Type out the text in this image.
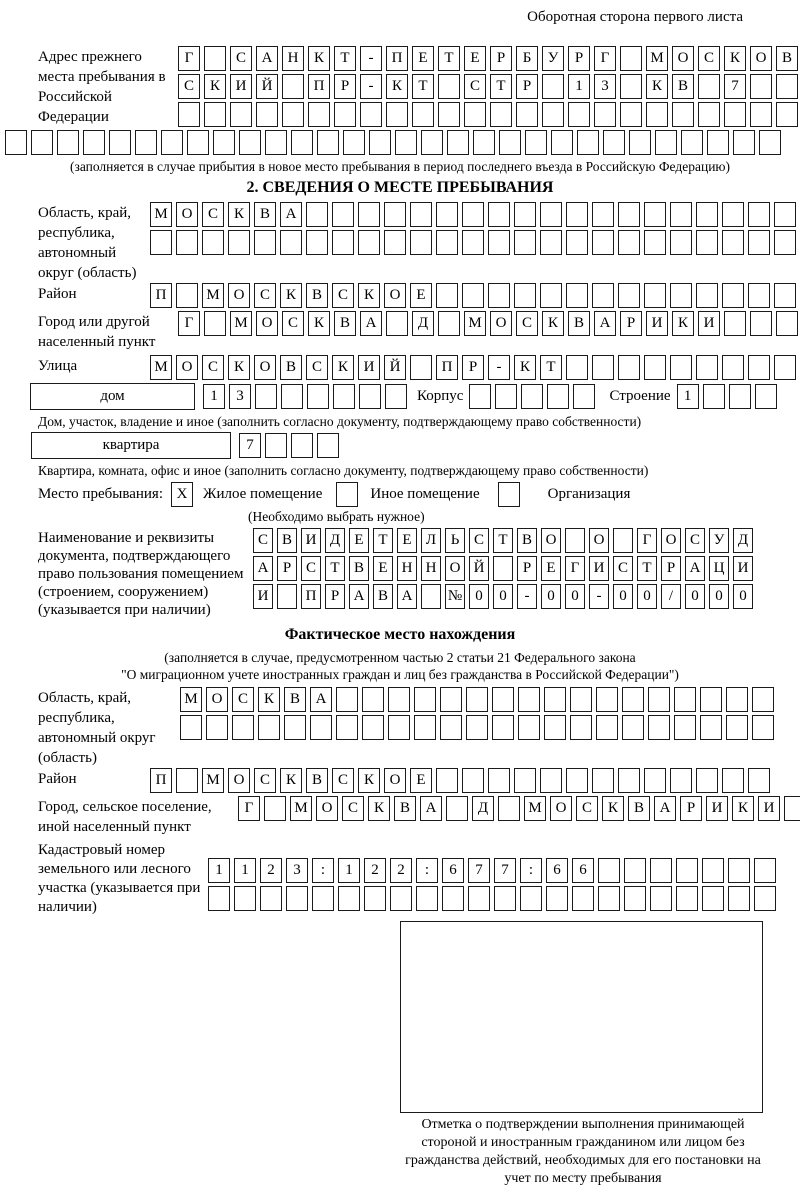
Оборотная сторона первого листа
Адрес прежнего места пребывания в Российской Федерации
Г	С	А	Н	К	Т	-	П	Е	Т	Е	Р	Б	У	Р	Г	М О	С	К	О	В
С	К	И	Й	П	Р	-	К	Т	С	Т	Р	1	3	К	В	7
(заполняется в случае прибытия в новое место пребывания в период последнего въезда в Российскую Федерацию)
2. СВЕДЕНИЯ О МЕСТЕ ПРЕБЫВАНИЯ
Область, край, республика, автономный округ (область)
М О	С	К	В	А
Район	П	М О	С	К	В	С	К	О	Е
Город или другой населенный пункт
Г	М О	С	К	В	А	Д	М О	С	К	В	А	Р	И	К	И
Улица	М О	С	К	О	В	С	К	И	Й	П	Р	-	К	Т
дом	1	3	Корпус	Строение 1
Дом, участок, владение и иное (заполнить согласно документу, подтверждающему право собственности)
квартира	7
Квартира, комната, офис и иное (заполнить согласно документу, подтверждающему право собственности)
Место пребывания: X	Жилое помещение	Иное помещение	Организация
(Необходимо выбрать нужное)
Наименование и реквизиты документа, подтверждающего право пользования помещением (строением, сооружением) (указывается при наличии)
С В И Д Е Т Е Л Ь С Т В О	О	Г О С У Д
А Р С Т В Е Н Н О Й	Р	Е	Г И С Т	Р А Ц И
И	П Р А В А	№ 0	0	-	0	0	-	0	0	/	0	0	0
Фактическое место нахождения
(заполняется в случае, предусмотренном частью 2 статьи 21 Федерального закона
"О миграционном учете иностранных граждан и лиц без гражданства в Российской Федерации")
Область, край, республика, автономный округ (область)
М О	С	К	В	А
Район	П	М О	С	К	В	С	К	О	Е
Город, сельское поселение, иной населенный пункт
Г	М О	С	К	В	А	Д	М О	С	К	В	А	Р	И	К	И
Кадастровый номер земельного или лесного участка (указывается при наличии)
1	1	2	3	:	1	2	2	:	6	7	7	:	6	6
Отметка о подтверждении выполнения принимающей стороной и иностранным гражданином или лицом без гражданства действий, необходимых для его постановки на учет по месту пребывания
